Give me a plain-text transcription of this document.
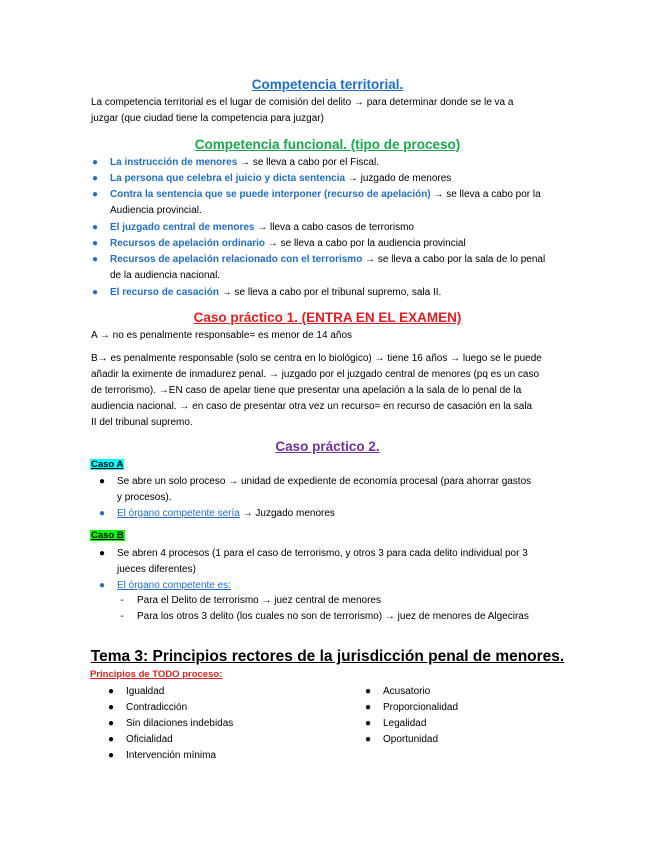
Competencia territorial.
La competencia territorial es el lugar de comisión del delito → para determinar donde se le va a
juzgar (que ciudad tiene la competencia para juzgar)
Competencia funcional. (tipo de proceso)
● La instrucción de menores → se lleva a cabo por el Fiscal.
● La persona que celebra el juicio y dicta sentencia → juzgado de menores
● Contra la sentencia que se puede interponer (recurso de apelación) → se lleva a cabo por la
Audiencia provincial.
● El juzgado central de menores → lleva a cabo casos de terrorismo
● Recursos de apelación ordinario → se lleva a cabo por la audiencia provincial
● Recursos de apelación relacionado con el terrorismo → se lleva a cabo por la sala de lo penal
de la audiencia nacional.
● El recurso de casación → se lleva a cabo por el tribunal supremo, sala II.
Caso práctico 1. (ENTRA EN EL EXAMEN)
A → no es penalmente responsable= es menor de 14 años
B→ es penalmente responsable (solo se centra en lo biológico) → tiene 16 años → luego se le puede
añadir la eximente de inmadurez penal. → juzgado por el juzgado central de menores (pq es un caso
de terrorismo). →EN caso de apelar tiene que presentar una apelación a la sala de lo penal de la
audiencia nacional. → en caso de presentar otra vez un recurso= en recurso de casación en la sala
II del tribunal supremo.
Caso práctico 2.
Caso A
● Se abre un solo proceso → unidad de expediente de economía procesal (para ahorrar gastos
y procesos).
● El órgano competente sería → Juzgado menores
Caso B
● Se abren 4 procesos (1 para el caso de terrorismo, y otros 3 para cada delito individual por 3
jueces diferentes)
● El órgano competente es:
-	Para el Delito de terrorismo → juez central de menores
-	Para los otros 3 delito (los cuales no son de terrorismo) → juez de menores de Algeciras
Tema 3: Principios rectores de la jurisdicción penal de menores.
Principios de TODO proceso:
● Igualdad
● Contradicción
● Sin dilaciones indebidas
● Oficialidad
● Intervención mínima
● Acusatorio
● Proporcionalidad
● Legalidad
● Oportunidad
